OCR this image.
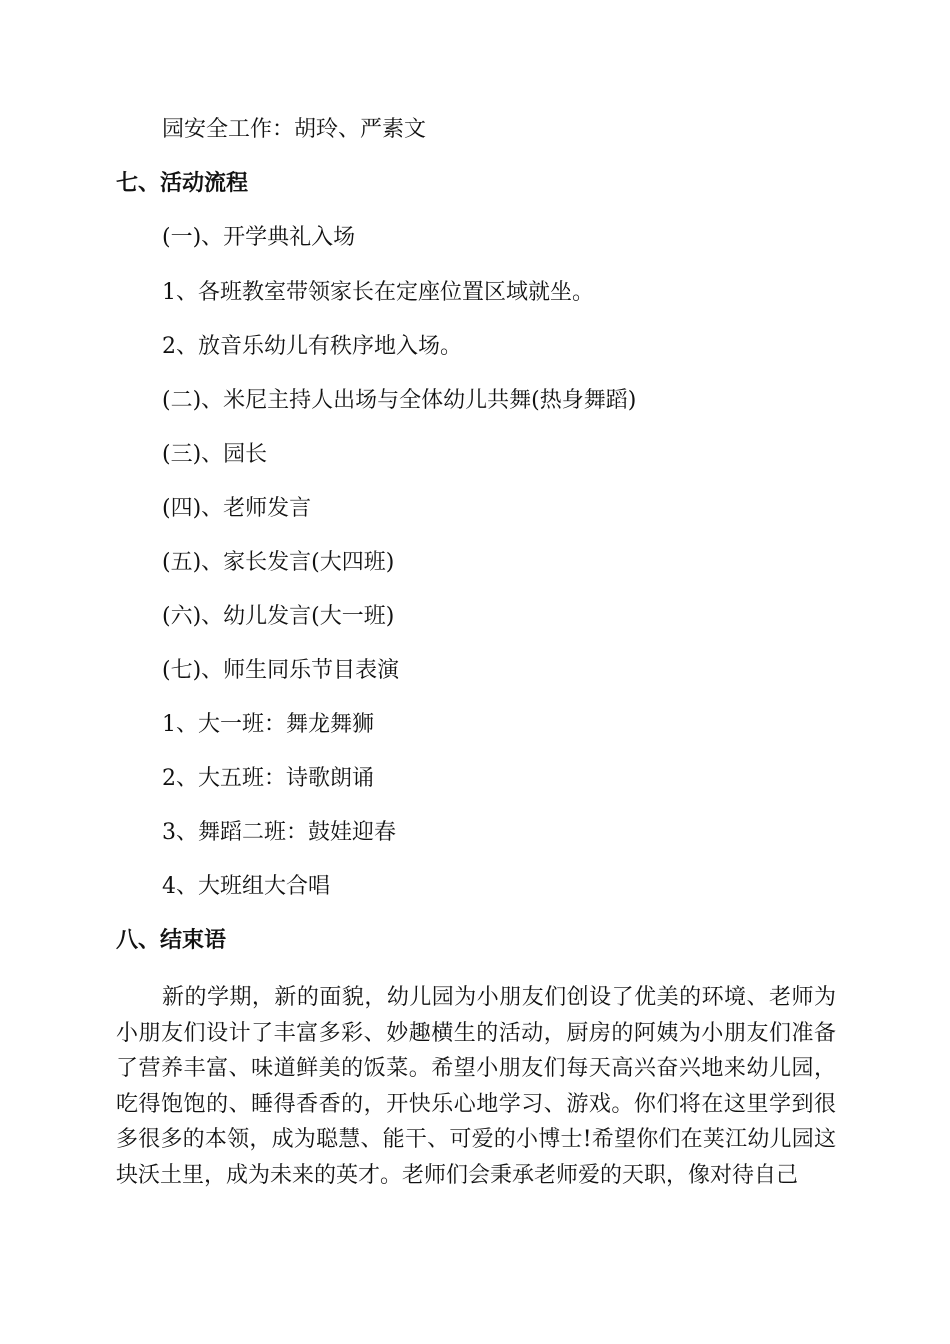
园安全工作：胡玲、严素文
七、活动流程
(一)、开学典礼入场
1、各班教室带领家长在定座位置区域就坐。
2、放音乐幼儿有秩序地入场。
(二)、米尼主持人出场与全体幼儿共舞(热身舞蹈)
(三)、园长
(四)、老师发言
(五)、家长发言(大四班)
(六)、幼儿发言(大一班)
(七)、师生同乐节目表演
1、大一班：舞龙舞狮
2、大五班：诗歌朗诵
3、舞蹈二班：鼓娃迎春
4、大班组大合唱
八、结束语
新的学期，新的面貌，幼儿园为小朋友们创设了优美的环境、老师为小朋友们设计了丰富多彩、妙趣横生的活动，厨房的阿姨为小朋友们准备了营养丰富、味道鲜美的饭菜。希望小朋友们每天高兴奋兴地来幼儿园，吃得饱饱的、睡得香香的，开快乐心地学习、游戏。你们将在这里学到很多很多的本领，成为聪慧、能干、可爱的小博士!希望你们在荚江幼儿园这块沃土里，成为未来的英才。老师们会秉承老师爱的天职，像对待自己
